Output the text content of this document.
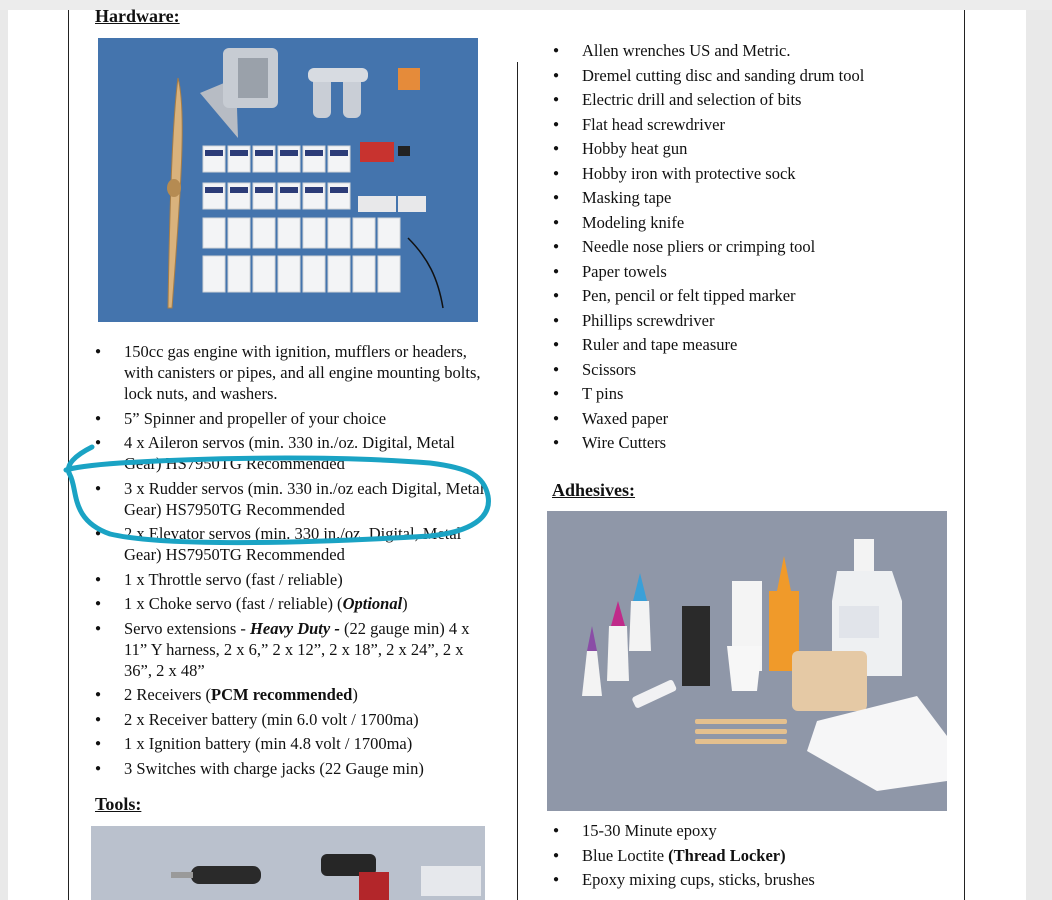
Hardware:
● 150cc gas engine with ignition, mufflers or headers, with canisters or pipes, and all engine mounting bolts, lock nuts, and washers.
● 5” Spinner and propeller of your choice
● 4 x Aileron servos (min. 330 in./oz. Digital, Metal Gear) HS7950TG Recommended
● 3 x Rudder servos (min. 330 in./oz each Digital, Metal Gear) HS7950TG Recommended
● 2 x Elevator servos (min. 330 in./oz. Digital, Metal Gear) HS7950TG Recommended
● 1 x Throttle servo (fast / reliable)
● 1 x Choke servo (fast / reliable) (Optional)
● Servo extensions - Heavy Duty - (22 gauge min) 4 x 11” Y harness, 2 x 6,” 2 x 12”, 2 x 18”, 2 x 24”, 2 x 36”, 2 x 48”
● 2 Receivers (PCM recommended)
● 2 x Receiver battery (min 6.0 volt / 1700ma)
● 1 x Ignition battery (min 4.8 volt / 1700ma)
● 3 Switches with charge jacks (22 Gauge min)
Tools:
● Allen wrenches US and Metric.
● Dremel cutting disc and sanding drum tool
● Electric drill and selection of bits
● Flat head screwdriver
● Hobby heat gun
● Hobby iron with protective sock
● Masking tape
● Modeling knife
● Needle nose pliers or crimping tool
● Paper towels
● Pen, pencil or felt tipped marker
● Phillips screwdriver
● Ruler and tape measure
● Scissors
● T pins
● Waxed paper
● Wire Cutters
Adhesives:
● 15-30 Minute epoxy
● Blue Loctite (Thread Locker)
● Epoxy mixing cups, sticks, brushes
